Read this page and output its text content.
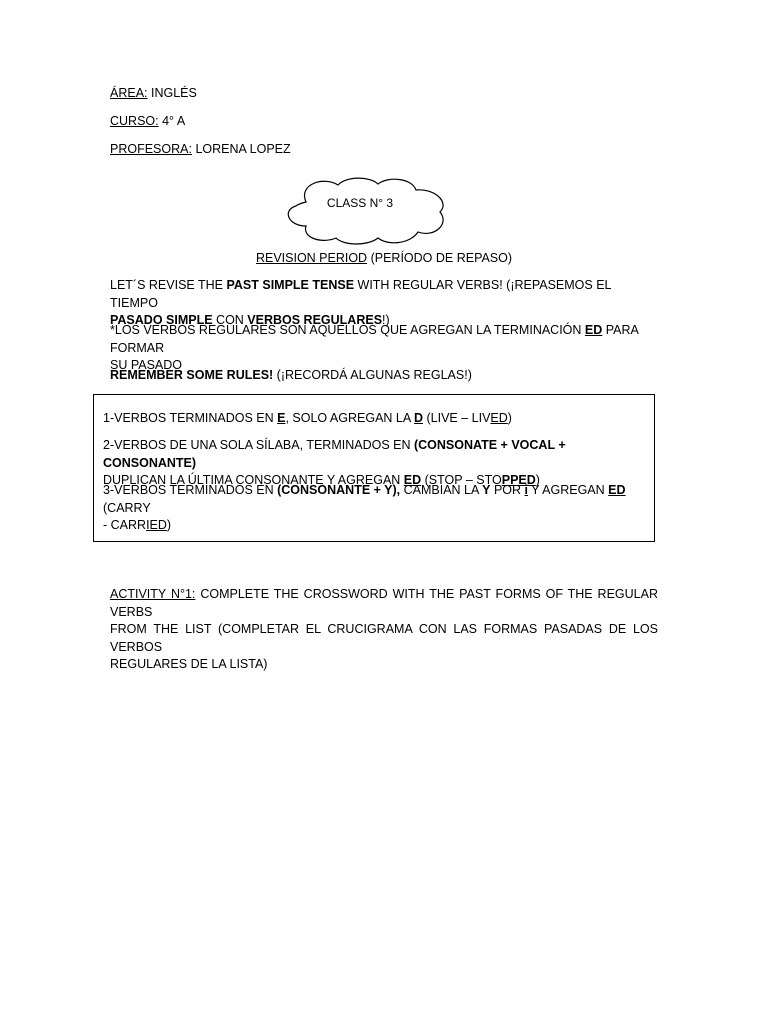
ÁREA: INGLÉS
CURSO: 4° A
PROFESORA: LORENA LOPEZ
CLASS N° 3
REVISION PERIOD (PERÍODO DE REPASO)
LET´S REVISE THE PAST SIMPLE TENSE WITH REGULAR VERBS! (¡REPASEMOS EL TIEMPO
PASADO SIMPLE CON VERBOS REGULARES!)
*LOS VERBOS REGULARES SON AQUELLOS QUE AGREGAN LA TERMINACIÓN ED PARA FORMAR
SU PASADO
REMEMBER SOME RULES! (¡RECORDÁ ALGUNAS REGLAS!)
1-VERBOS TERMINADOS EN E, SOLO AGREGAN LA D (LIVE – LIVED)
2-VERBOS DE UNA SOLA SÍLABA, TERMINADOS EN (CONSONATE + VOCAL + CONSONANTE)
DUPLICAN LA ÚLTIMA CONSONANTE Y AGREGAN ED (STOP – STOPPED)
3-VERBOS TERMINADOS EN (CONSONANTE + Y), CAMBIAN LA Y POR i Y AGREGAN ED (CARRY
- CARRIED)
ACTIVITY N°1: COMPLETE THE CROSSWORD WITH THE PAST FORMS OF THE REGULAR VERBS
FROM THE LIST (COMPLETAR EL CRUCIGRAMA CON LAS FORMAS PASADAS DE LOS VERBOS
REGULARES DE LA LISTA)
